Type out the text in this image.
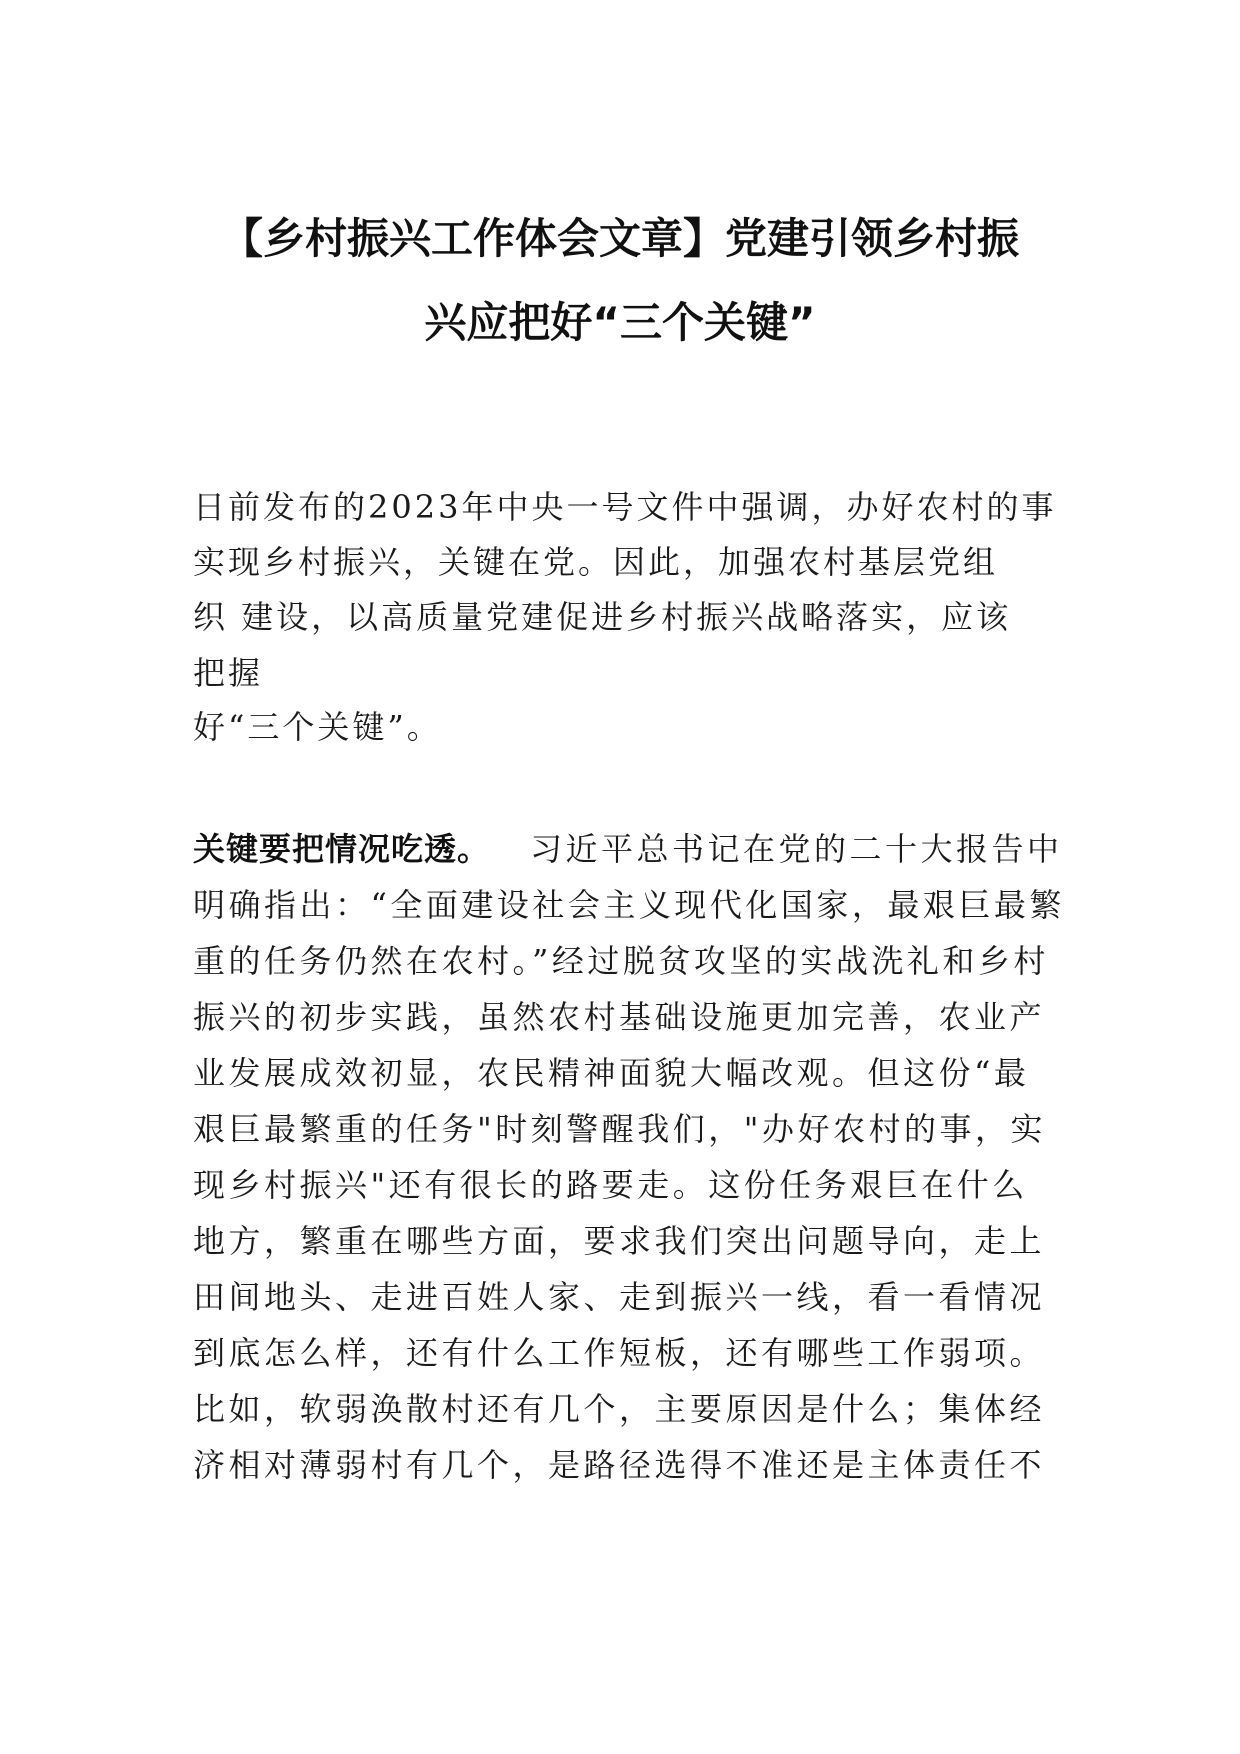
【乡村振兴工作体会文章】党建引领乡村振
兴应把好“三个关键”
日前发布的2023年中央一号文件中强调，办好农村的事
实现乡村振兴，关键在党。因此，加强农村基层党组
织 建设，以高质量党建促进乡村振兴战略落实，应该
把握
好“三个关键”。
关键要把情况吃透。 习近平总书记在党的二十大报告中
明确指出：“全面建设社会主义现代化国家，最艰巨最繁
重的任务仍然在农村。”经过脱贫攻坚的实战洗礼和乡村
振兴的初步实践，虽然农村基础设施更加完善，农业产
业发展成效初显，农民精神面貌大幅改观。但这份“最
艰巨最繁重的任务"时刻警醒我们，"办好农村的事，实
现乡村振兴"还有很长的路要走。这份任务艰巨在什么
地方，繁重在哪些方面，要求我们突出问题导向，走上
田间地头、走进百姓人家、走到振兴一线，看一看情况
到底怎么样，还有什么工作短板，还有哪些工作弱项。
比如，软弱涣散村还有几个，主要原因是什么；集体经
济相对薄弱村有几个，是路径选得不准还是主体责任不
